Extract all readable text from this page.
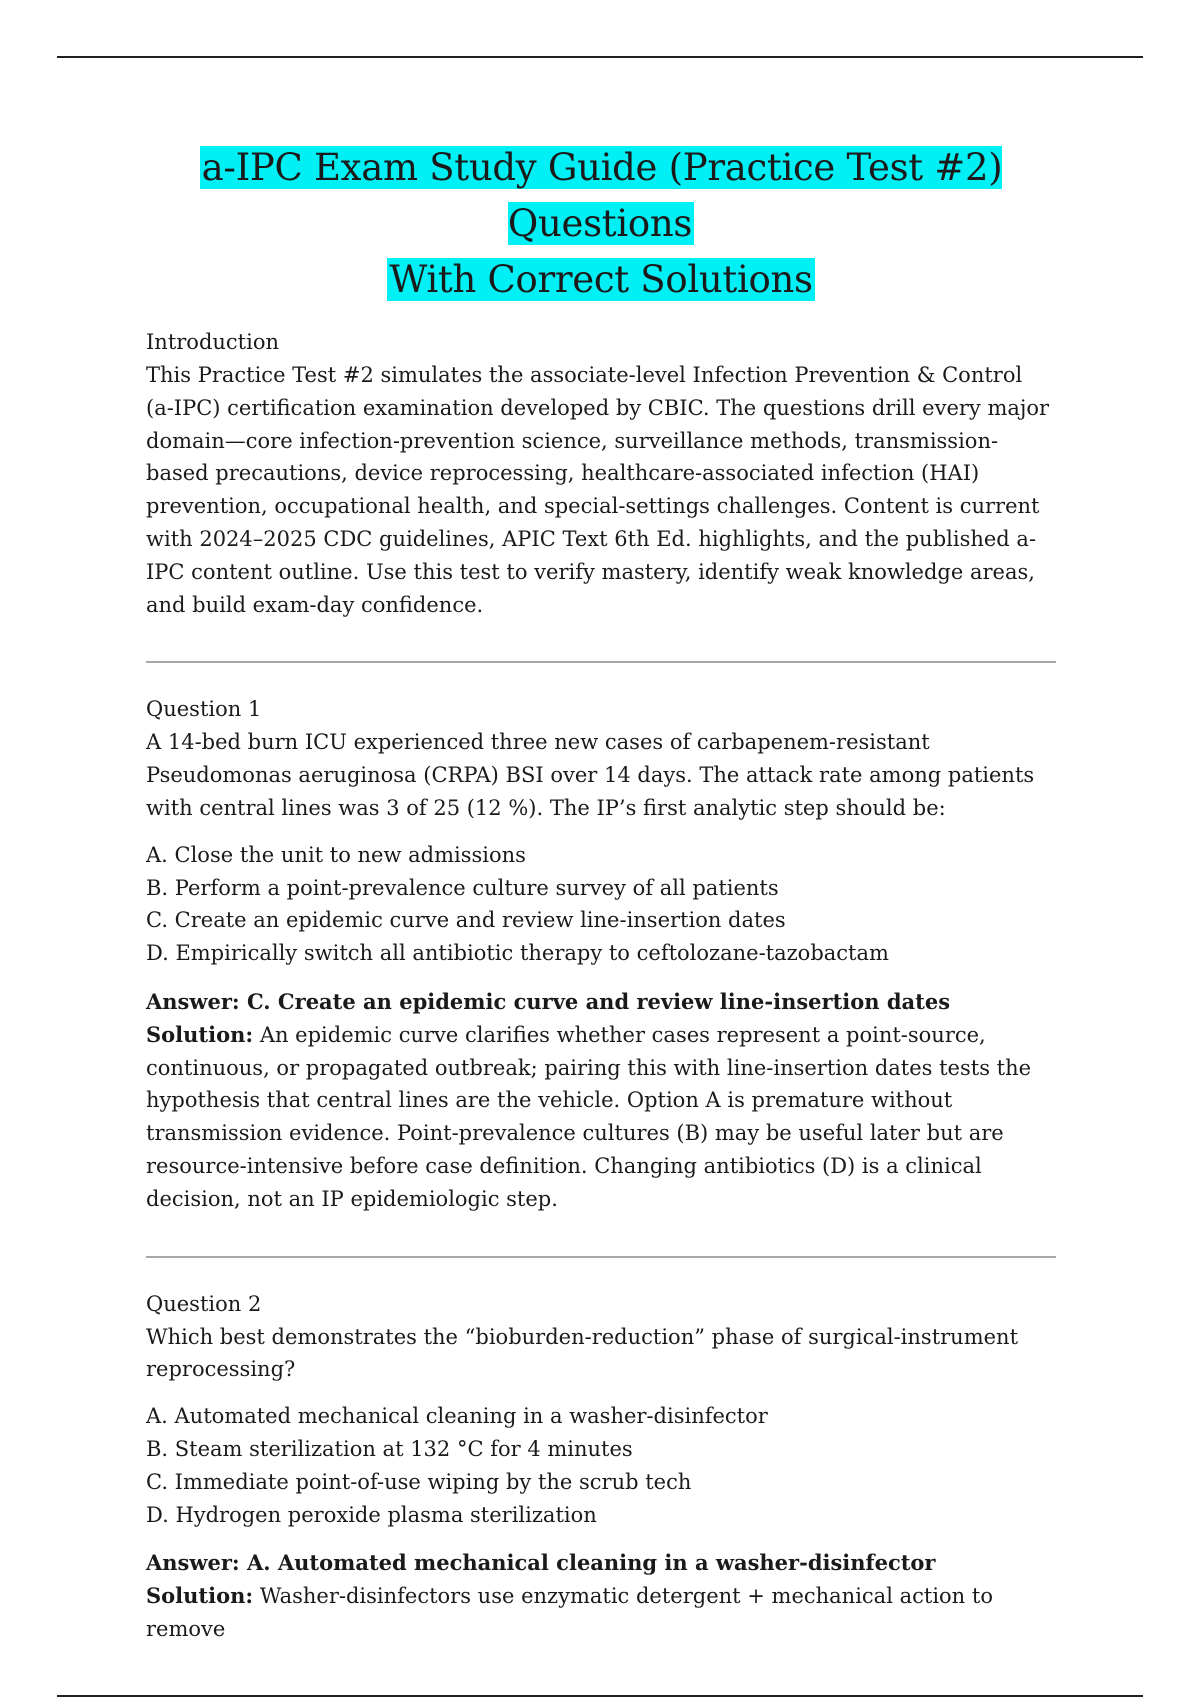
a-IPC Exam Study Guide (Practice Test #2) Questions
With Correct Solutions

Introduction

This Practice Test #2 simulates the associate-level Infection Prevention & Control (a-IPC) certification examination developed by CBIC. The questions drill every major domain—core infection-prevention science, surveillance methods, transmission-based precautions, device reprocessing, healthcare-associated infection (HAI) prevention, occupational health, and special-settings challenges. Content is current with 2024–2025 CDC guidelines, APIC Text 6th Ed. highlights, and the published a-IPC content outline. Use this test to verify mastery, identify weak knowledge areas, and build exam-day confidence.

Question 1

A 14-bed burn ICU experienced three new cases of carbapenem-resistant Pseudomonas aeruginosa (CRPA) BSI over 14 days. The attack rate among patients with central lines was 3 of 25 (12 %). The IP’s first analytic step should be:

A. Close the unit to new admissions
B. Perform a point-prevalence culture survey of all patients
C. Create an epidemic curve and review line-insertion dates
D. Empirically switch all antibiotic therapy to ceftolozane-tazobactam

Answer: C. Create an epidemic curve and review line-insertion dates

Solution: An epidemic curve clarifies whether cases represent a point-source, continuous, or propagated outbreak; pairing this with line-insertion dates tests the hypothesis that central lines are the vehicle. Option A is premature without transmission evidence. Point-prevalence cultures (B) may be useful later but are resource-intensive before case definition. Changing antibiotics (D) is a clinical decision, not an IP epidemiologic step.

Question 2

Which best demonstrates the “bioburden-reduction” phase of surgical-instrument reprocessing?

A. Automated mechanical cleaning in a washer-disinfector
B. Steam sterilization at 132 °C for 4 minutes
C. Immediate point-of-use wiping by the scrub tech
D. Hydrogen peroxide plasma sterilization

Answer: A. Automated mechanical cleaning in a washer-disinfector

Solution: Washer-disinfectors use enzymatic detergent + mechanical action to remove
